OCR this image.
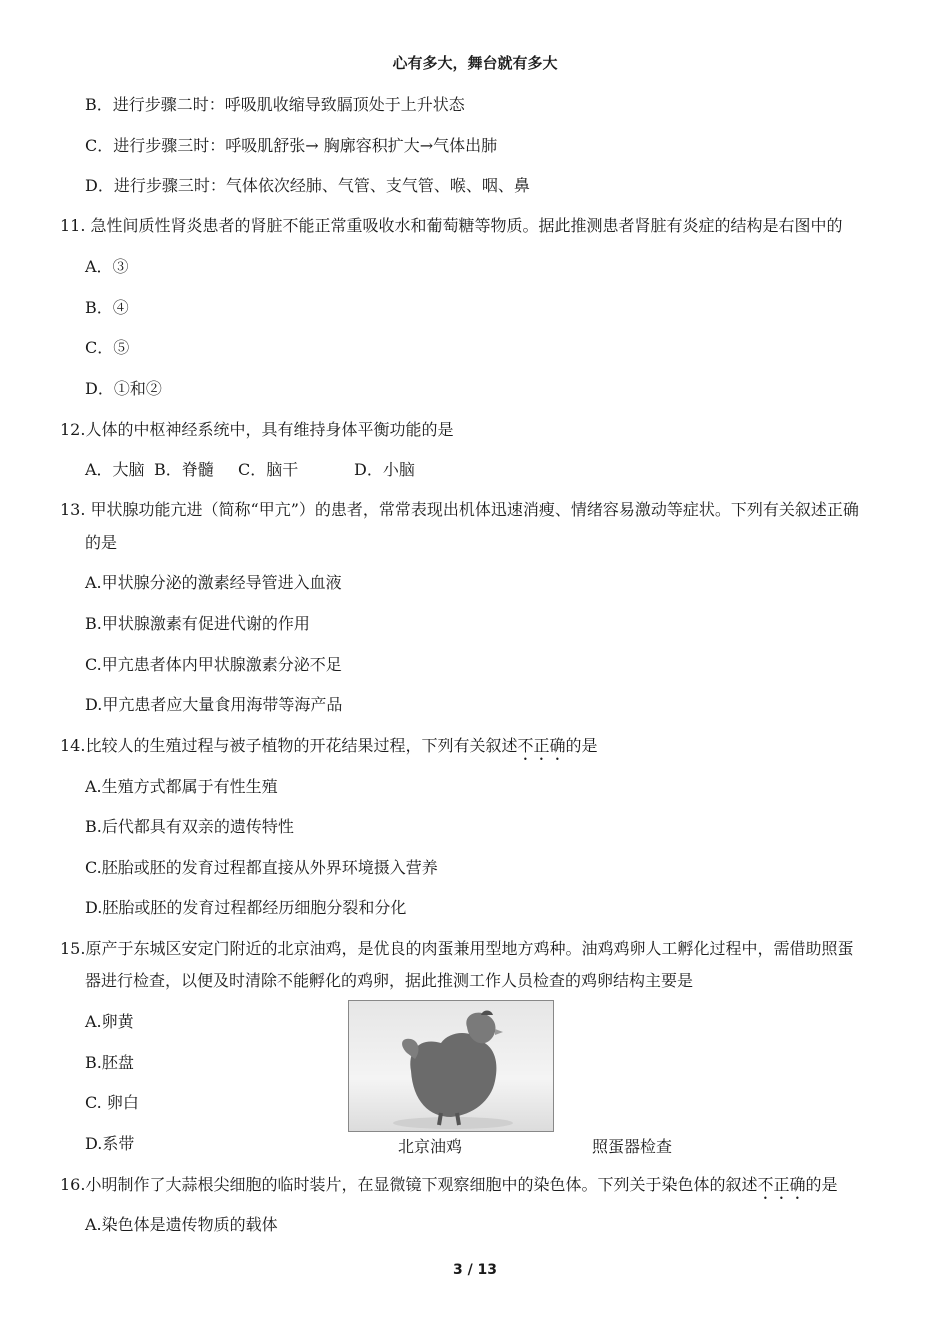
心有多大，舞台就有多大
B．进行步骤二时：呼吸肌收缩导致膈顶处于上升状态
C．进行步骤三时：呼吸肌舒张→ 胸廓容积扩大→气体出肺
D．进行步骤三时：气体依次经肺、气管、支气管、喉、咽、鼻
11. 急性间质性肾炎患者的肾脏不能正常重吸收水和葡萄糖等物质。据此推测患者肾脏有炎症的结构是右图中的
A．③
B．④
C．⑤
D．①和②
12.人体的中枢神经系统中，具有维持身体平衡功能的是
A．大脑 B．脊髓 C．脑干	D．小脑
13. 甲状腺功能亢进（简称“甲亢”）的患者，常常表现出机体迅速消瘦、情绪容易激动等症状。下列有关叙述正确
的是
A.甲状腺分泌的激素经导管进入血液
B.甲状腺激素有促进代谢的作用
C.甲亢患者体内甲状腺激素分泌不足
D.甲亢患者应大量食用海带等海产品
14.比较人的生殖过程与被子植物的开花结果过程，下列有关叙述不正确的是
A.生殖方式都属于有性生殖
B.后代都具有双亲的遗传特性
C.胚胎或胚的发育过程都直接从外界环境摄入营养
D.胚胎或胚的发育过程都经历细胞分裂和分化
15.原产于东城区安定门附近的北京油鸡，是优良的肉蛋兼用型地方鸡种。油鸡鸡卵人工孵化过程中，需借助照蛋
器进行检查，以便及时清除不能孵化的鸡卵，据此推测工作人员检查的鸡卵结构主要是
A.卵黄
B.胚盘
C. 卵白
D.系带	北京油鸡	照蛋器检查
16.小明制作了大蒜根尖细胞的临时装片，在显微镜下观察细胞中的染色体。下列关于染色体的叙述不正确的是
A.染色体是遗传物质的载体
3 / 13
